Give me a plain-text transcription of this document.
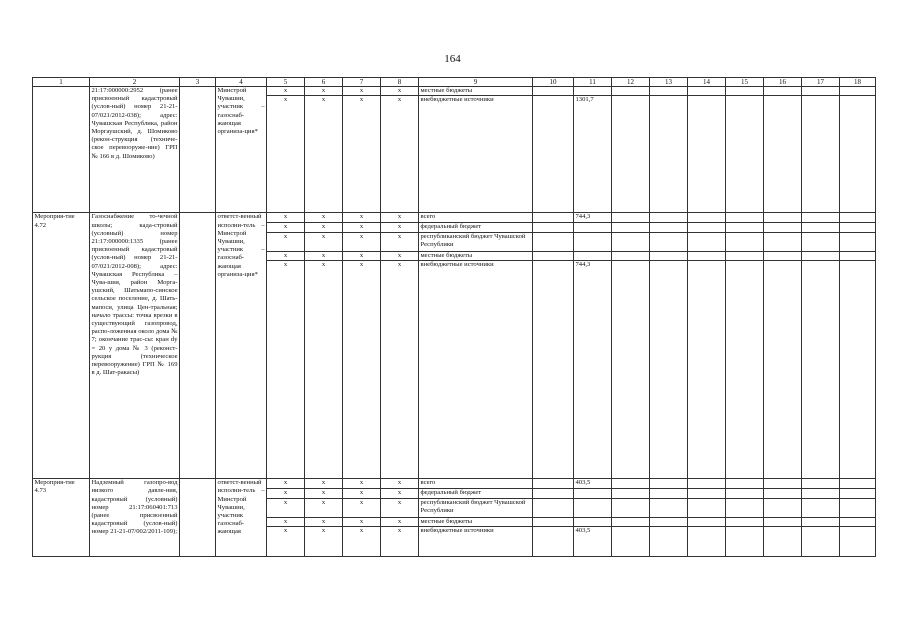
164
1	2	3	4	5	6	7	8	9	10	11	12	13	14	15	16	17	18
	21:17:000000:2952 (ранее присвоенный кадастровый (услов-ный) номер 21-21-07/021/2012-038); адрес: Чувашская Республика, район Моргаушский, д. Шомиково (рекон-струкция (техниче-ское перевооруже-ние) ГРП № 166 в д. Шомиково)		Минстрой Чувашии, участник – газоснаб-жающая организа-ция*	x	x	x	x	местные бюджеты									
				x	x	x	x	внебюджетные источники		1301,7							
Мероприя-тие 4.72	Газоснабжение то-чечной школы; када-стровый (условный) номер 21:17:000000:1335 (ранее присвоенный кадастровый (услов-ный) номер 21-21-07/021/2012-008); адрес: Чувашская Республика – Чува-шия, район Морга-ушский, Шатьмапо-синское сельское поселение, д. Шать-мапоси, улица Цен-тральная; начало трассы: точка врезки в существующий газопровод, распо-ложенная около дома № 7; окончание трас-сы: кран dу = 20 у дома № 3 (реконст-рукция (техническое перевооружение) ГРП № 169 в д. Шат-ракасы)		ответст-венный исполни-тель – Минстрой Чувашии, участник – газоснаб-жающая организа-ция*	x	x	x	x	всего		744,3							
				x	x	x	x	федеральный бюджет									
				x	x	x	x	республиканский бюджет Чувашской Республики									
				x	x	x	x	местные бюджеты									
				x	x	x	x	внебюджетные источники		744,3							
Мероприя-тие 4.73	Надземный газопро-вод низкого давле-ния, кадастровый (условный) номер 21:17:060401:713 (ранее присвоенный кадастровый (услов-ный) номер 21-21-07/002/2011-109);		ответст-венный исполни-тель – Минстрой Чувашии, участник газоснаб-жающая	x	x	x	x	всего		403,5							
				x	x	x	x	федеральный бюджет									
				x	x	x	x	республиканский бюджет Чувашской Республики									
				x	x	x	x	местные бюджеты									
				x	x	x	x	внебюджетные источники		403,5							
